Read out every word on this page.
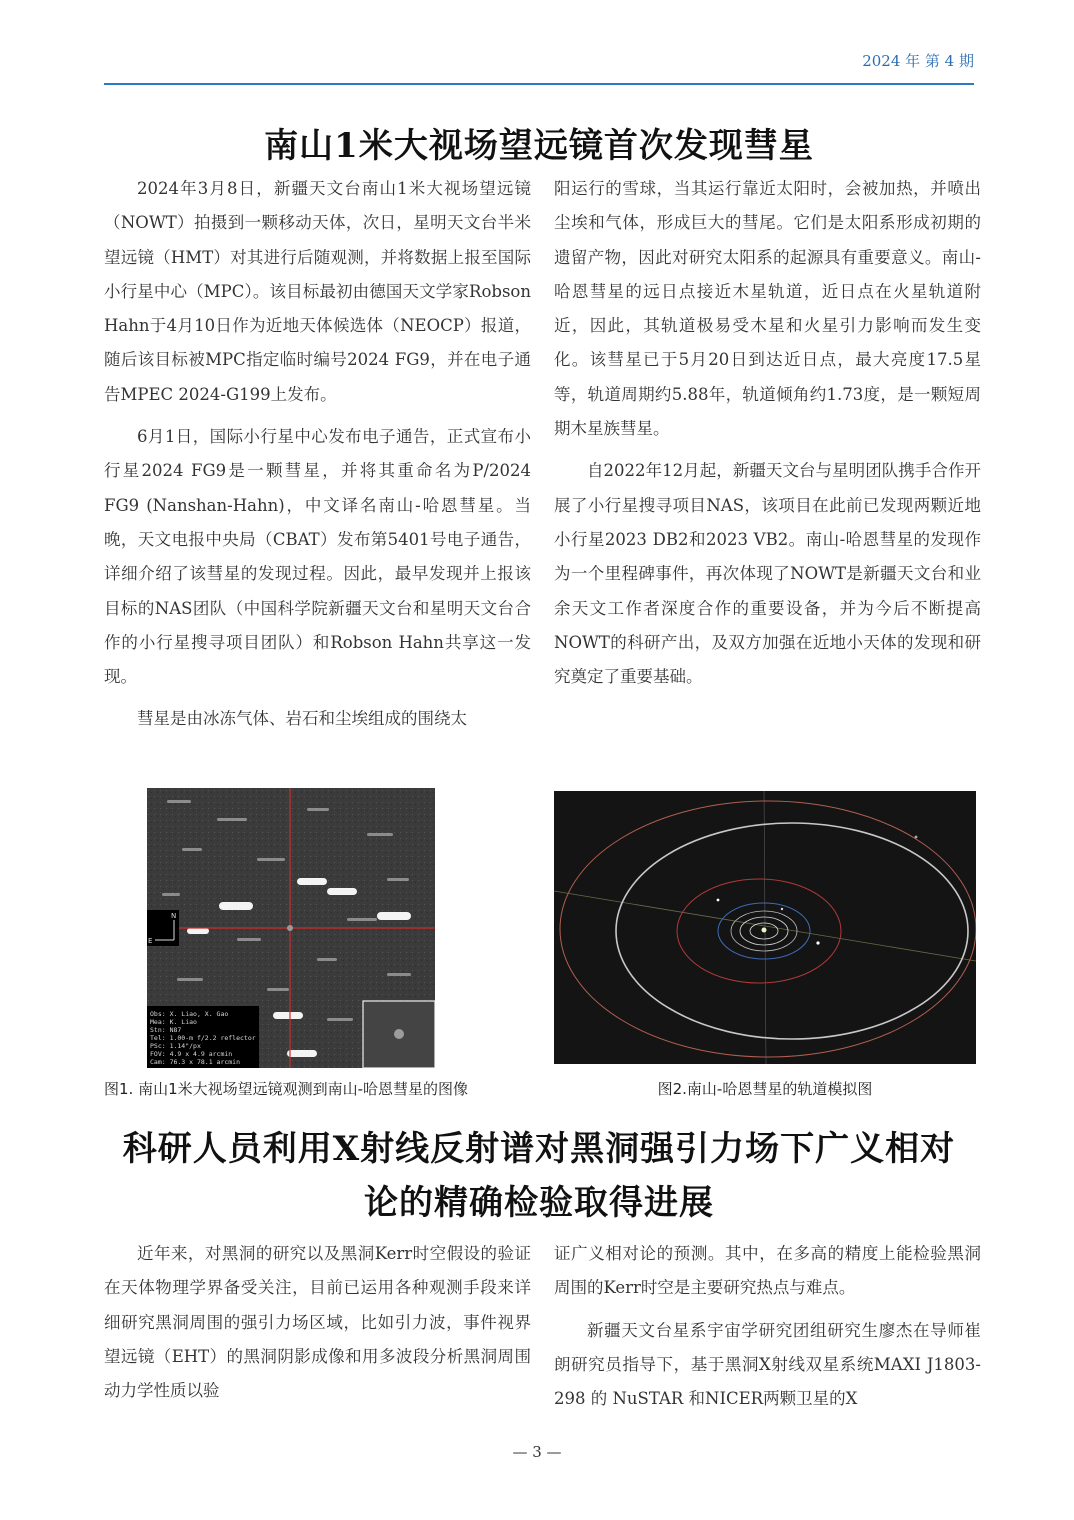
2024 年 第 4 期
南山1米大视场望远镜首次发现彗星

2024年3月8日，新疆天文台南山1米大视场望远镜（NOWT）拍摄到一颗移动天体，次日，星明天文台半米望远镜（HMT）对其进行后随观测，并将数据上报至国际小行星中心（MPC）。该目标最初由德国天文学家Robson Hahn于4月10日作为近地天体候选体（NEOCP）报道，随后该目标被MPC指定临时编号2024 FG9，并在电子通告MPEC 2024-G199上发布。

6月1日，国际小行星中心发布电子通告，正式宣布小行星2024 FG9是一颗彗星，并将其重命名为P/2024 FG9 (Nanshan-Hahn)，中文译名南山-哈恩彗星。当晚，天文电报中央局（CBAT）发布第5401号电子通告，详细介绍了该彗星的发现过程。因此，最早发现并上报该目标的NAS团队（中国科学院新疆天文台和星明天文台合作的小行星搜寻项目团队）和Robson Hahn共享这一发现。

彗星是由冰冻气体、岩石和尘埃组成的围绕太

阳运行的雪球，当其运行靠近太阳时，会被加热，并喷出尘埃和气体，形成巨大的彗尾。它们是太阳系形成初期的遗留产物，因此对研究太阳系的起源具有重要意义。南山-哈恩彗星的远日点接近木星轨道，近日点在火星轨道附近，因此，其轨道极易受木星和火星引力影响而发生变化。该彗星已于5月20日到达近日点，最大亮度17.5星等，轨道周期约5.88年，轨道倾角约1.73度，是一颗短周期木星族彗星。

自2022年12月起，新疆天文台与星明团队携手合作开展了小行星搜寻项目NAS，该项目在此前已发现两颗近地小行星2023 DB2和2023 VB2。南山-哈恩彗星的发现作为一个里程碑事件，再次体现了NOWT是新疆天文台和业余天文工作者深度合作的重要设备，并为今后不断提高NOWT的科研产出，及双方加强在近地小天体的发现和研究奠定了重要基础。

N
E
Obs: X. Liao, X. Gao
Mea: K. Liao
Stn: N87
Tel: 1.00-m f/2.2 reflector
PSc: 1.14"/px
FOV: 4.9 x 4.9 arcmin
Cam: 76.3 x 78.1 arcmin
图1. 南山1米大视场望远镜观测到南山-哈恩彗星的图像	图2.南山-哈恩彗星的轨道模拟图
科研人员利用X射线反射谱对黑洞强引力场下广义相对
论的精确检验取得进展

近年来，对黑洞的研究以及黑洞Kerr时空假设的验证在天体物理学界备受关注，目前已运用各种观测手段来详细研究黑洞周围的强引力场区域，比如引力波，事件视界望远镜（EHT）的黑洞阴影成像和用多波段分析黑洞周围动力学性质以验

证广义相对论的预测。其中，在多高的精度上能检验黑洞周围的Kerr时空是主要研究热点与难点。

新疆天文台星系宇宙学研究团组研究生廖杰在导师崔朗研究员指导下，基于黑洞X射线双星系统MAXI J1803-298 的 NuSTAR 和NICER两颗卫星的X

— 3 —
